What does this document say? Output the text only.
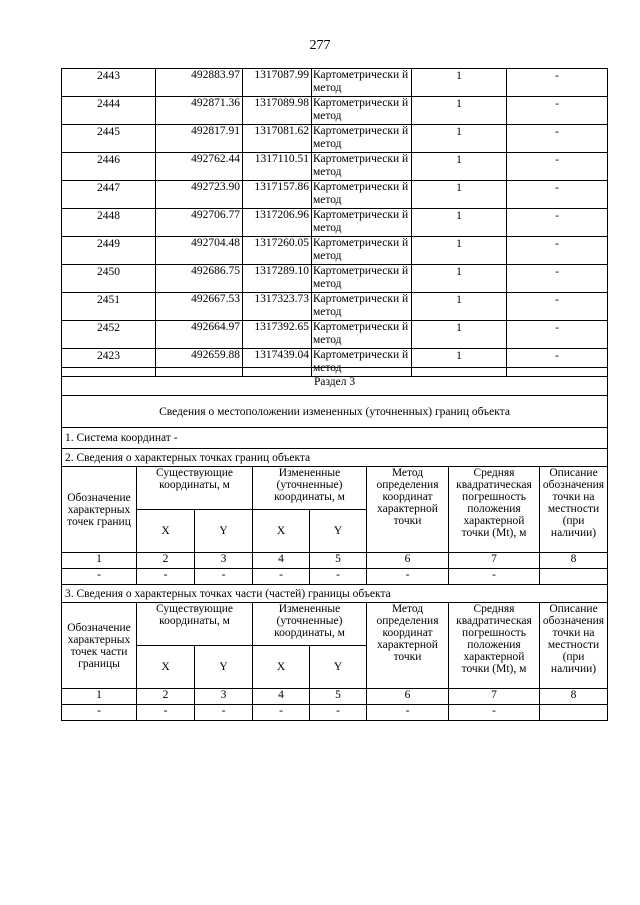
277
2443	492883.97	1317087.99	Картометрически й метод	1	-
2444	492871.36	1317089.98	Картометрически й метод	1	-
2445	492817.91	1317081.62	Картометрически й метод	1	-
2446	492762.44	1317110.51	Картометрически й метод	1	-
2447	492723.90	1317157.86	Картометрически й метод	1	-
2448	492706.77	1317206.96	Картометрически й метод	1	-
2449	492704.48	1317260.05	Картометрически й метод	1	-
2450	492686.75	1317289.10	Картометрически й метод	1	-
2451	492667.53	1317323.73	Картометрически й метод	1	-
2452	492664.97	1317392.65	Картометрически й метод	1	-
2423	492659.88	1317439.04	Картометрически й метод	1	-
Раздел 3							
Сведения о местоположении измененных (уточненных) границ объекта							
1. Система координат -							
2. Сведения о характерных точках границ объекта							
Обозначение характерных точек границ	Существующие координаты, м		Измененные (уточненные) координаты, м		Метод определения координат характерной точки	Средняя квадратическая погрешность положения характерной точки (Mt), м	Описание обозначения точки на местности (при наличии)
	X	Y	X	Y			
1	2	3	4	5	6	7	8
-	-	-	-	-	-	-	
3. Сведения о характерных точках части (частей) границы объекта							
Обозначение характерных точек части границы	Существующие координаты, м		Измененные (уточненные) координаты, м		Метод определения координат характерной точки	Средняя квадратическая погрешность положения характерной точки (Mt), м	Описание обозначения точки на местности (при наличии)
	X	Y	X	Y			
1	2	3	4	5	6	7	8
-	-	-	-	-	-	-	
